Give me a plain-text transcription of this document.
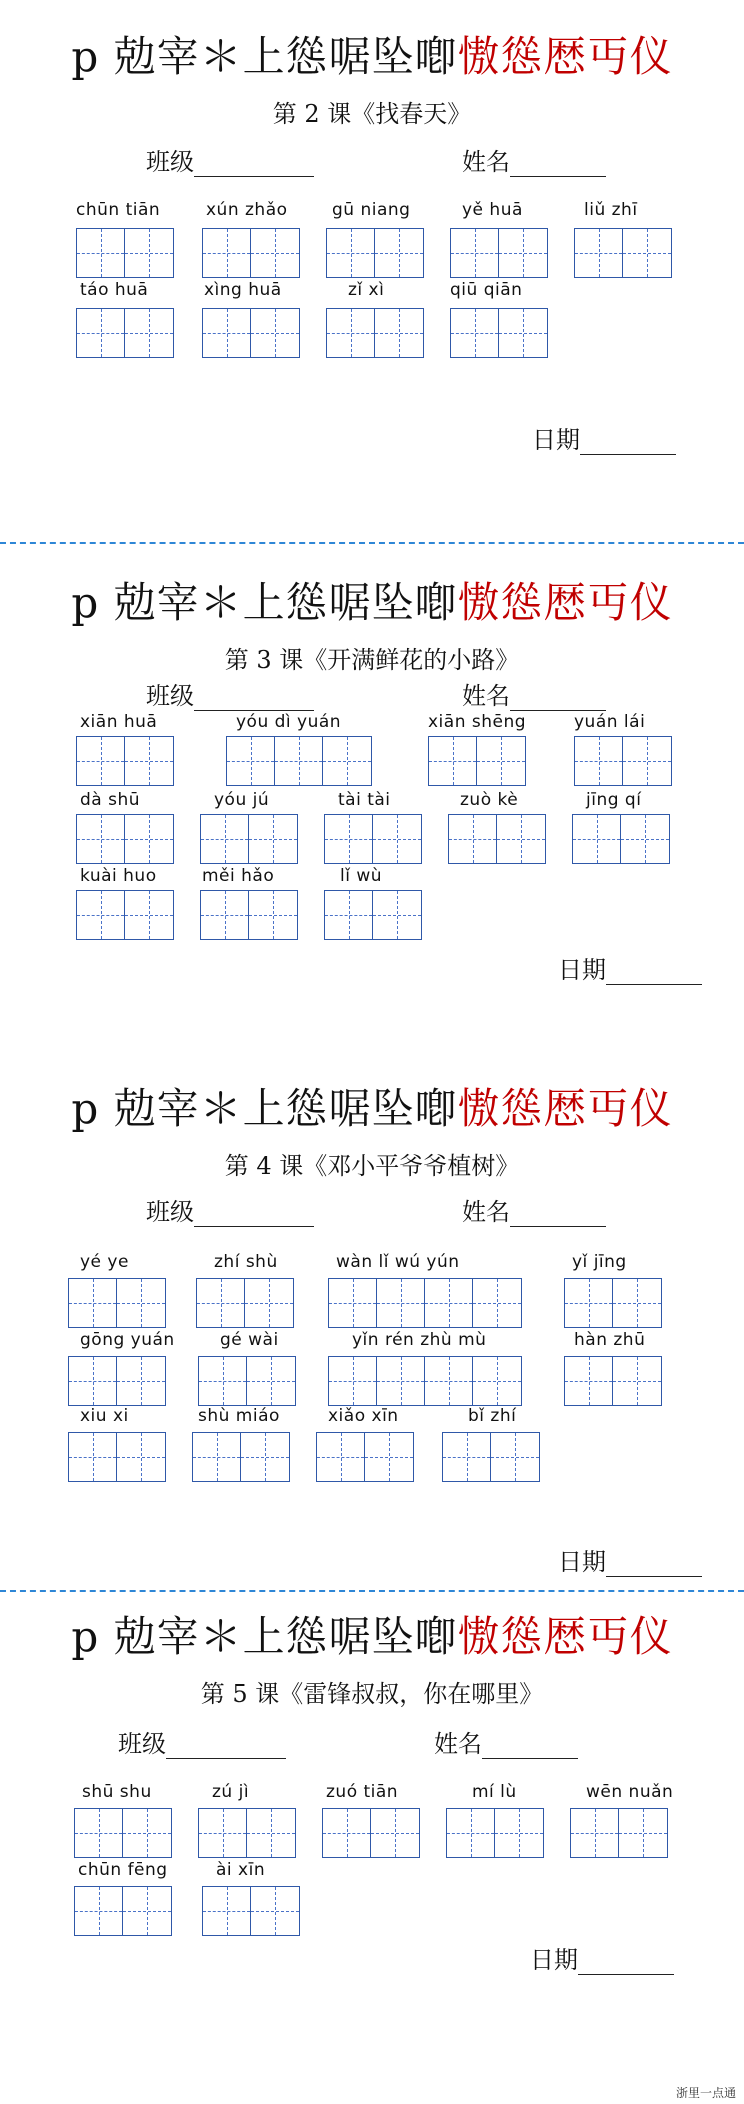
p 勊宰＊上慫啹坠喞慠慫厯丏仪
第 2 课《找春天》
班级	姓名
chūn tiān	xún zhǎo	gū niang	yě huā	liǔ zhī
táo huā	xìng huā	zǐ xì	qiū qiān
日期
p 勊宰＊上慫啹坠喞慠慫厯丏仪
第 3 课《开满鲜花的小路》
班级	姓名
xiān huā	yóu dì yuán	xiān shēng	yuán lái
dà shū	yóu jú	tài tài	zuò kè	jīng qí
kuài huo	měi hǎo	lǐ wù
日期
p 勊宰＊上慫啹坠喞慠慫厯丏仪
第 4 课《邓小平爷爷植树》
班级	姓名
yé ye	zhí shù	wàn lǐ wú yún	yǐ jīng
gōng yuán	gé wài	yǐn rén zhù mù	hàn zhū
xiu xi	shù miáo	xiǎo xīn	bǐ zhí
日期
p 勊宰＊上慫啹坠喞慠慫厯丏仪
第 5 课《雷锋叔叔，你在哪里》
班级	姓名
shū shu	zú jì	zuó tiān	mí lù	wēn nuǎn
chūn fēng	ài xīn
日期
浙里一点通
